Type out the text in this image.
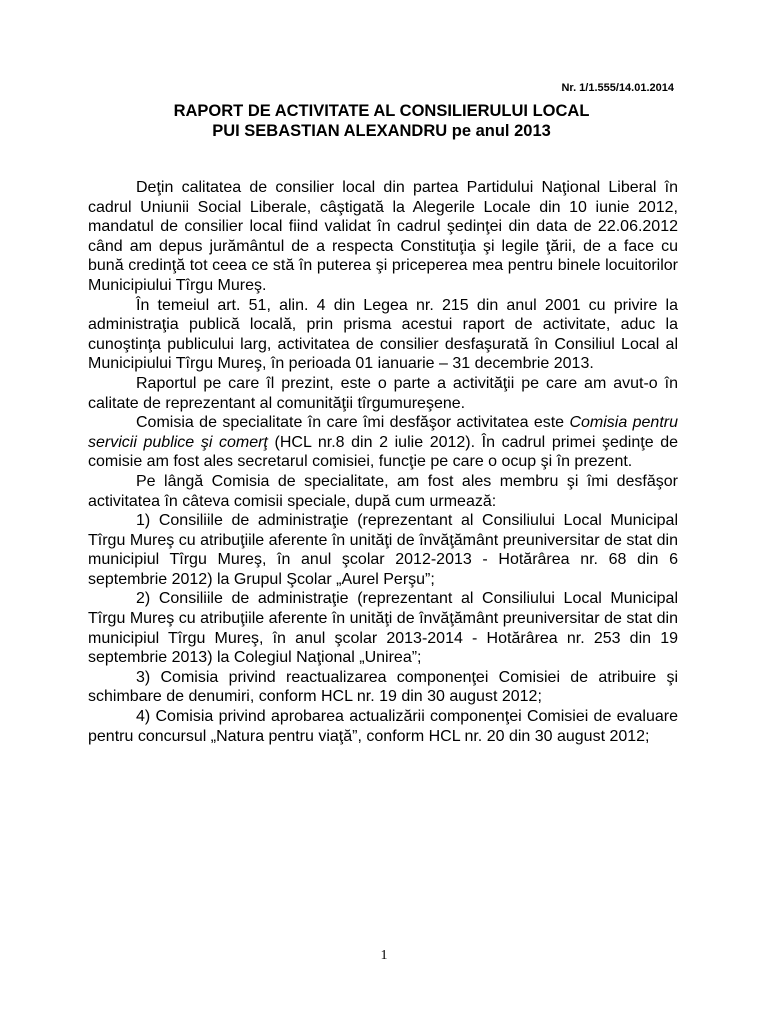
Nr. 1/1.555/14.01.2014
RAPORT DE ACTIVITATE AL CONSILIERULUI LOCAL
PUI SEBASTIAN ALEXANDRU pe anul 2013

Deţin calitatea de consilier local din partea Partidului Naţional Liberal în cadrul Uniunii Social Liberale, câştigată la Alegerile Locale din 10 iunie 2012, mandatul de consilier local fiind validat în cadrul şedinţei din data de 22.06.2012 când am depus jurământul de a respecta Constituţia şi legile ţării, de a face cu bună credinţă tot ceea ce stă în puterea şi priceperea mea pentru binele locuitorilor Municipiului Tîrgu Mureş.

În temeiul art. 51, alin. 4 din Legea nr. 215 din anul 2001 cu privire la administraţia publică locală, prin prisma acestui raport de activitate, aduc la cunoştinţa publicului larg, activitatea de consilier desfaşurată în Consiliul Local al Municipiului Tîrgu Mureş, în perioada 01 ianuarie – 31 decembrie 2013.

Raportul pe care îl prezint, este o parte a activităţii pe care am avut-o în calitate de reprezentant al comunităţii tîrgumureşene.

Comisia de specialitate în care îmi desfăşor activitatea este Comisia pentru servicii publice şi comerţ (HCL nr.8 din 2 iulie 2012). În cadrul primei şedinţe de comisie am fost ales secretarul comisiei, funcţie pe care o ocup şi în prezent.

Pe lângă Comisia de specialitate, am fost ales membru şi îmi desfăşor activitatea în câteva comisii speciale, după cum urmează:

1) Consiliile de administraţie (reprezentant al Consiliului Local Municipal Tîrgu Mureş cu atribuţiile aferente în unităţi de învăţământ preuniversitar de stat din municipiul Tîrgu Mureş, în anul şcolar 2012-2013 - Hotărârea nr. 68 din 6 septembrie 2012) la Grupul Şcolar „Aurel Perşu”;

2) Consiliile de administraţie (reprezentant al Consiliului Local Municipal Tîrgu Mureş cu atribuţiile aferente în unităţi de învăţământ preuniversitar de stat din municipiul Tîrgu Mureş, în anul şcolar 2013-2014 - Hotărârea nr. 253 din 19 septembrie 2013) la Colegiul Naţional „Unirea”;

3) Comisia privind reactualizarea componenţei Comisiei de atribuire şi schimbare de denumiri, conform HCL nr. 19 din 30 august 2012;

4) Comisia privind aprobarea actualizării componenţei Comisiei de evaluare pentru concursul „Natura pentru viaţă”, conform HCL nr. 20 din 30 august 2012;

1
